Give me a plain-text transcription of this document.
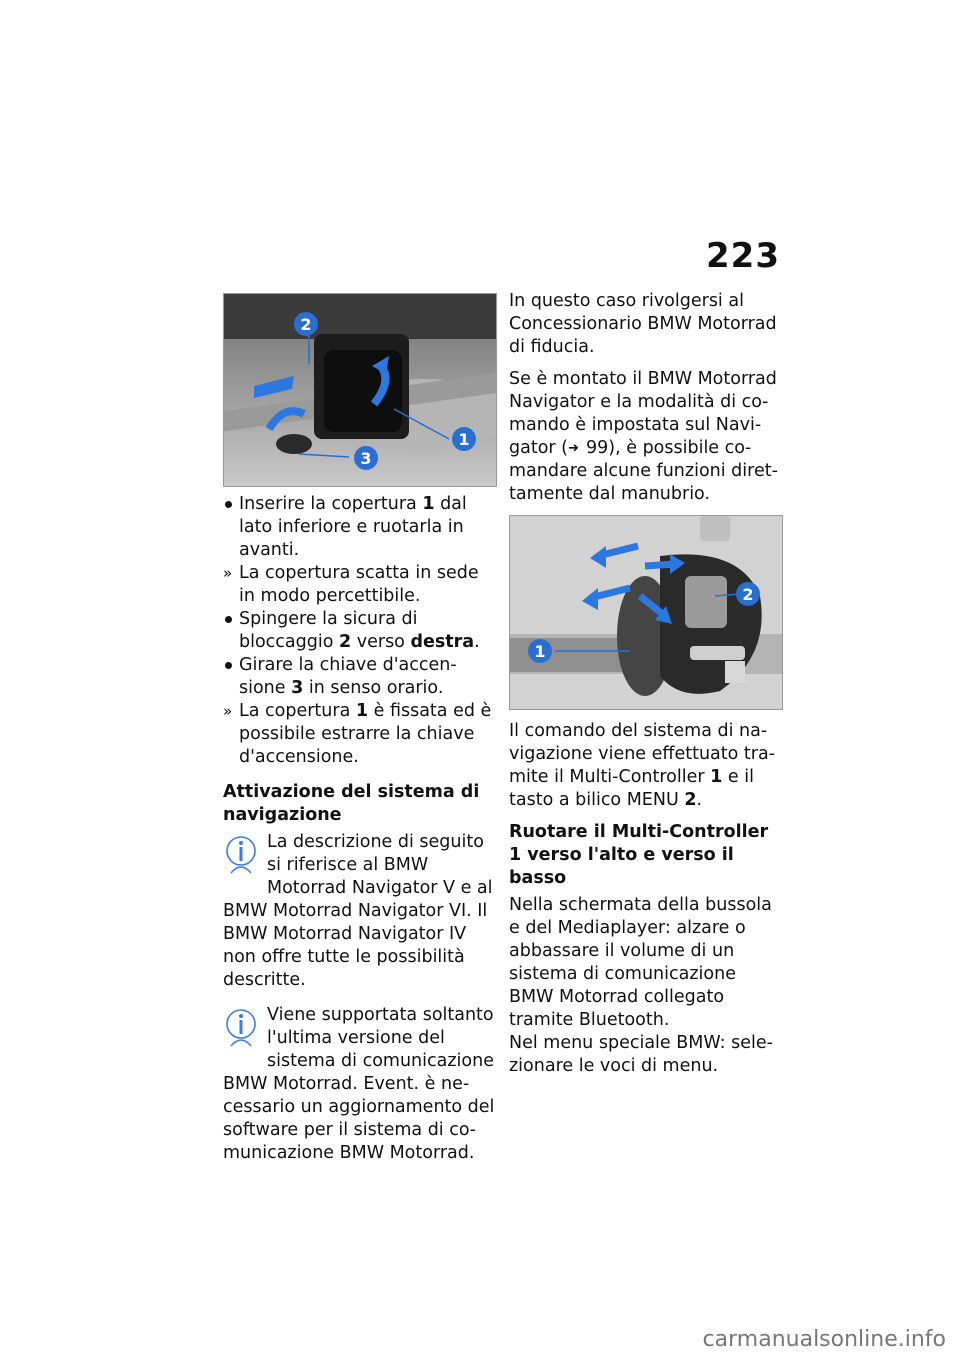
223
2
1
3
Inserire la copertura 1 dal lato inferiore e ruotarla in avanti.
» La copertura scatta in sede in modo percettibile.
Spingere la sicura di bloccaggio 2 verso destra.
Girare la chiave d'accensione 3 in senso orario.
» La copertura 1 è fissata ed è possibile estrarre la chiave d'accensione.
Attivazione del sistema di navigazione
La descrizione di seguito si riferisce al BMW Motorrad Navigator V e al BMW Motorrad Navigator VI. Il BMW Motorrad Navigator IV non offre tutte le possibilità descritte.
Viene supportata soltanto l'ultima versione del sistema di comunicazione BMW Motorrad. Event. è necessario un aggiornamento del software per il sistema di comunicazione BMW Motorrad.

In questo caso rivolgersi al Concessionario BMW Motorrad di fiducia.

Se è montato il BMW Motorrad Navigator e la modalità di comando è impostata sul Navigator (➜ 99), è possibile comandare alcune funzioni direttamente dal manubrio.

1
2

Il comando del sistema di navigazione viene effettuato tramite il Multi-Controller 1 e il tasto a bilico MENU 2.

Ruotare il Multi-Controller 1 verso l'alto e verso il basso

Nella schermata della bussola e del Mediaplayer: alzare o abbassare il volume di un sistema di comunicazione BMW Motorrad collegato tramite Bluetooth.

Nel menu speciale BMW: selezionare le voci di menu.

carmanualsonline.info
